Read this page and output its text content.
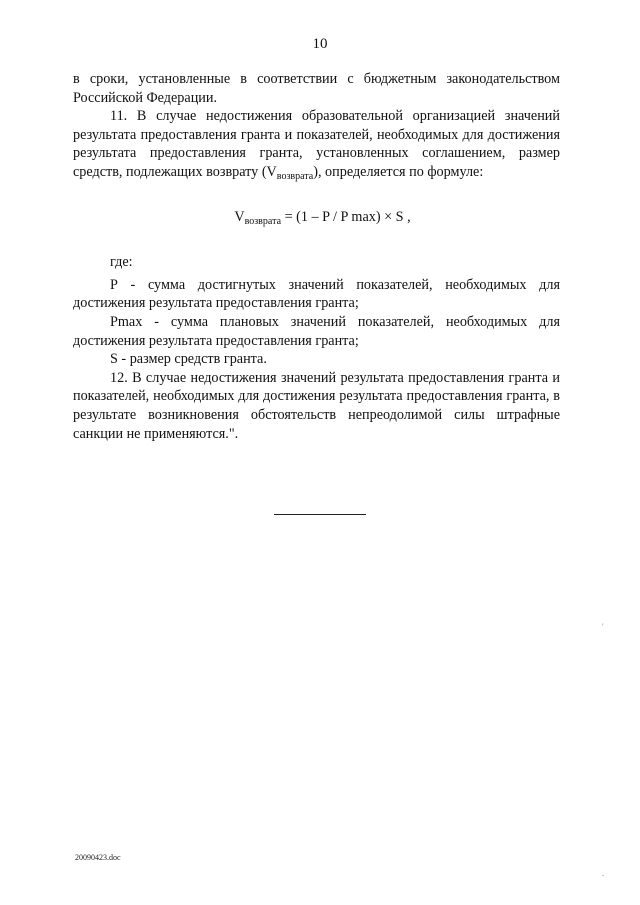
10

в сроки, установленные в соответствии с бюджетным законодательством Российской Федерации.

11. В случае недостижения образовательной организацией значений результата предоставления гранта и показателей, необходимых для достижения результата предоставления гранта, установленных соглашением, размер средств, подлежащих возврату $(V_{возврата})$, определяется по формуле:

$V_{возврата} = (1 - P / P$ max) × S ,

где:

Р - сумма достигнутых значений показателей, необходимых для достижения результата предоставления гранта;

Pmax - сумма плановых значений показателей, необходимых для достижения результата предоставления гранта;

S - размер средств гранта.

12. В случае недостижения значений результата предоставления гранта и показателей, необходимых для достижения результата предоставления гранта, в результате возникновения обстоятельств непреодолимой силы штрафные санкции не применяются.".

'
.
20090423.doc
